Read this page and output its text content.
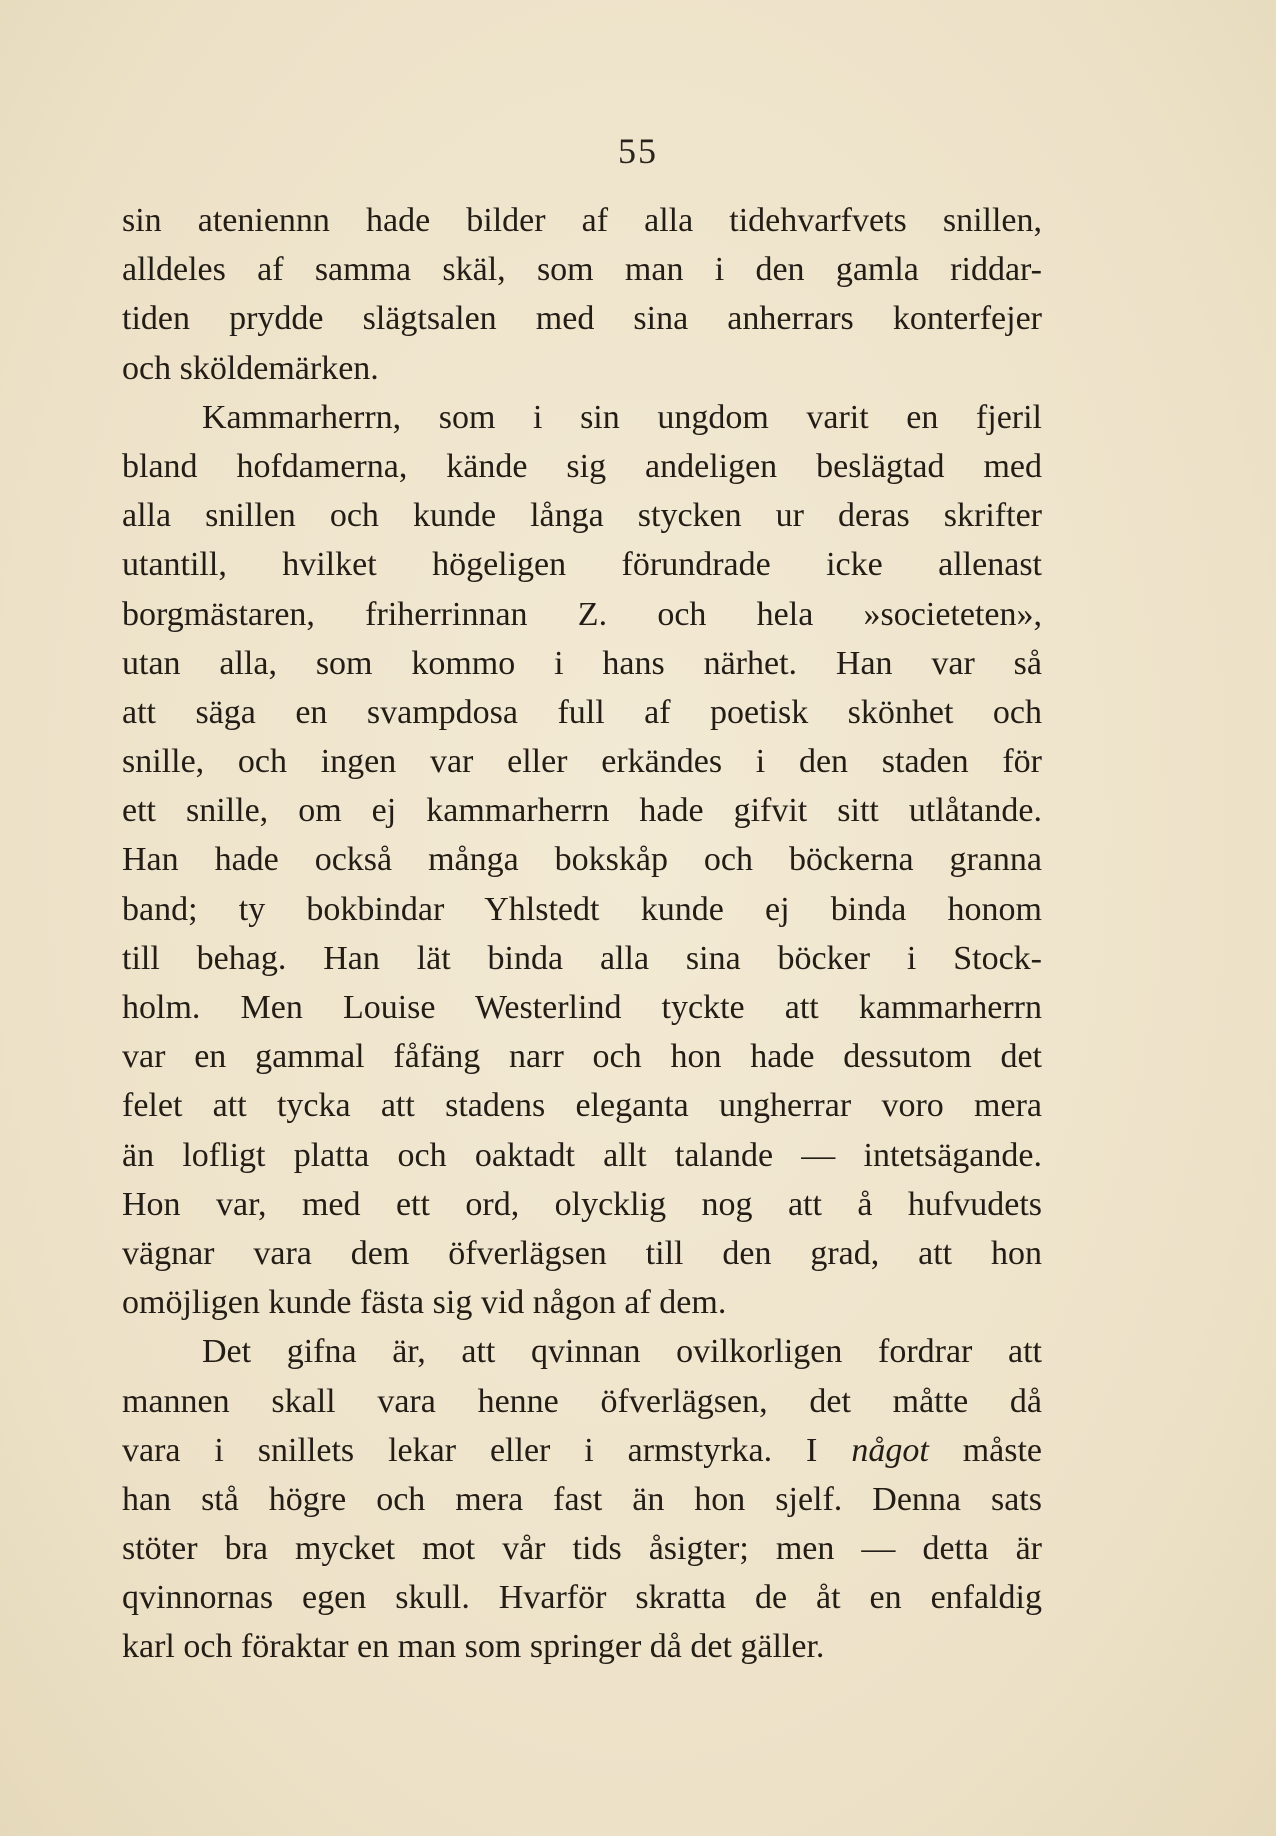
55
sin ateniennn hade bilder af alla tidehvarfvets snillen,
alldeles af samma skäl, som man i den gamla riddar-
tiden prydde slägtsalen med sina anherrars konterfejer
och sköldemärken.
Kammarherrn, som i sin ungdom varit en fjeril
bland hofdamerna, kände sig andeligen beslägtad med
alla snillen och kunde långa stycken ur deras skrifter
utantill, hvilket högeligen förundrade icke allenast
borgmästaren, friherrinnan Z. och hela »societeten»,
utan alla, som kommo i hans närhet. Han var så
att säga en svampdosa full af poetisk skönhet och
snille, och ingen var eller erkändes i den staden för
ett snille, om ej kammarherrn hade gifvit sitt utlåtande.
Han hade också många bokskåp och böckerna granna
band; ty bokbindar Yhlstedt kunde ej binda honom
till behag. Han lät binda alla sina böcker i Stock-
holm. Men Louise Westerlind tyckte att kammarherrn
var en gammal fåfäng narr och hon hade dessutom det
felet att tycka att stadens eleganta ungherrar voro mera
än lofligt platta och oaktadt allt talande — intetsägande.
Hon var, med ett ord, olycklig nog att å hufvudets
vägnar vara dem öfverlägsen till den grad, att hon
omöjligen kunde fästa sig vid någon af dem.
Det gifna är, att qvinnan ovilkorligen fordrar att
mannen skall vara henne öfverlägsen, det måtte då
vara i snillets lekar eller i armstyrka. I något måste
han stå högre och mera fast än hon sjelf. Denna sats
stöter bra mycket mot vår tids åsigter; men — detta är
qvinnornas egen skull. Hvarför skratta de åt en enfaldig
karl och föraktar en man som springer då det gäller.
